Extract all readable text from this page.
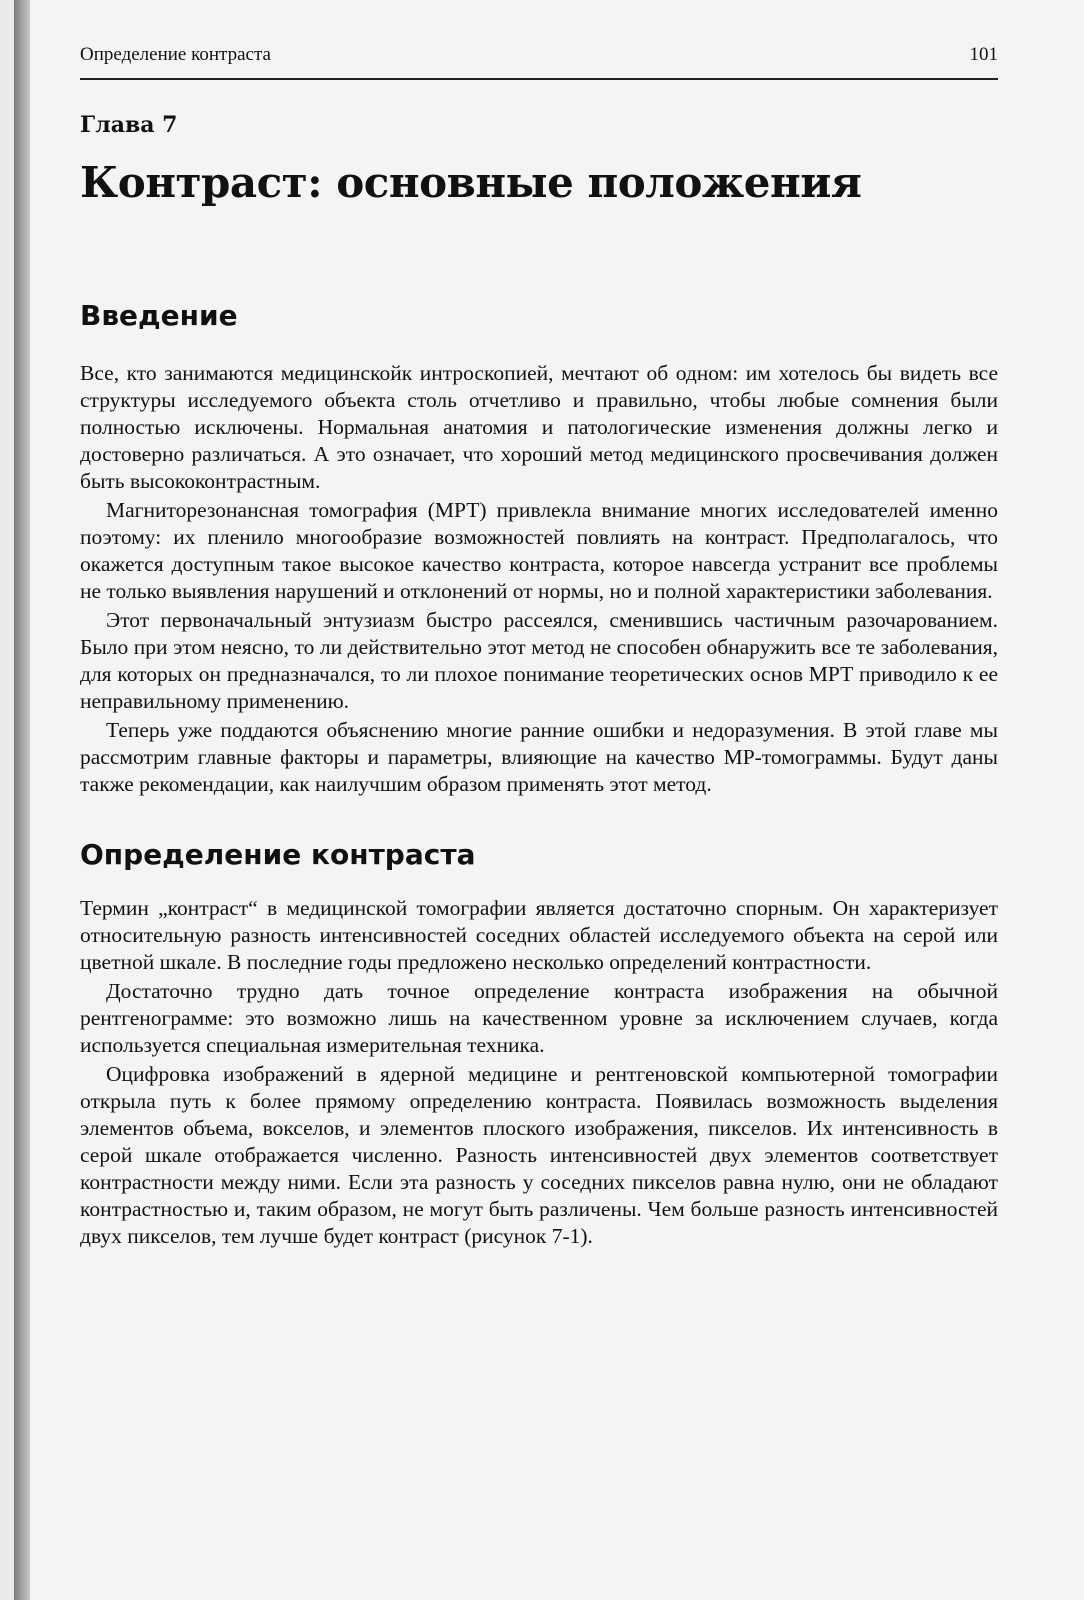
Определение контраста	101
Глава 7
Контраст: основные положения
Введение

Все, кто занимаются медицинскойк интроскопией, мечтают об одном: им хотелось бы видеть все структуры исследуемого объекта столь отчетливо и правильно, чтобы любые сомнения были полностью исключены. Нормальная анатомия и патологические изменения должны легко и достоверно различаться. А это означает, что хороший метод медицинского просвечивания должен быть высококонтрастным.

Магниторезонансная томография (МРТ) привлекла внимание многих исследователей именно поэтому: их пленило многообразие возможностей повлиять на контраст. Предполагалось, что окажется доступным такое высокое качество контраста, которое навсегда устранит все проблемы не только выявления нарушений и отклонений от нормы, но и полной характеристики заболевания.

Этот первоначальный энтузиазм быстро рассеялся, сменившись частичным разочарованием. Было при этом неясно, то ли действительно этот метод не способен обнаружить все те заболевания, для которых он предназначался, то ли плохое понимание теоретических основ МРТ приводило к ее неправильному применению.

Теперь уже поддаются объяснению многие ранние ошибки и недоразумения. В этой главе мы рассмотрим главные факторы и параметры, влияющие на качество МР-томограммы. Будут даны также рекомендации, как наилучшим образом применять этот метод.

Определение контраста

Термин „контраст“ в медицинской томографии является достаточно спорным. Он характеризует относительную разность интенсивностей соседних областей исследуемого объекта на серой или цветной шкале. В последние годы предложено несколько определений контрастности.

Достаточно трудно дать точное определение контраста изображения на обычной рентгенограмме: это возможно лишь на качественном уровне за исключением случаев, когда используется специальная измерительная техника.

Оцифровка изображений в ядерной медицине и рентгеновской компьютерной томографии открыла путь к более прямому определению контраста. Появилась возможность выделения элементов объема, вокселов, и элементов плоского изображения, пикселов. Их интенсивность в серой шкале отображается численно. Разность интенсивностей двух элементов соответствует контрастности между ними. Если эта разность у соседних пикселов равна нулю, они не обладают контрастностью и, таким образом, не могут быть различены. Чем больше разность интенсивностей двух пикселов, тем лучше будет контраст (рисунок 7-1).
